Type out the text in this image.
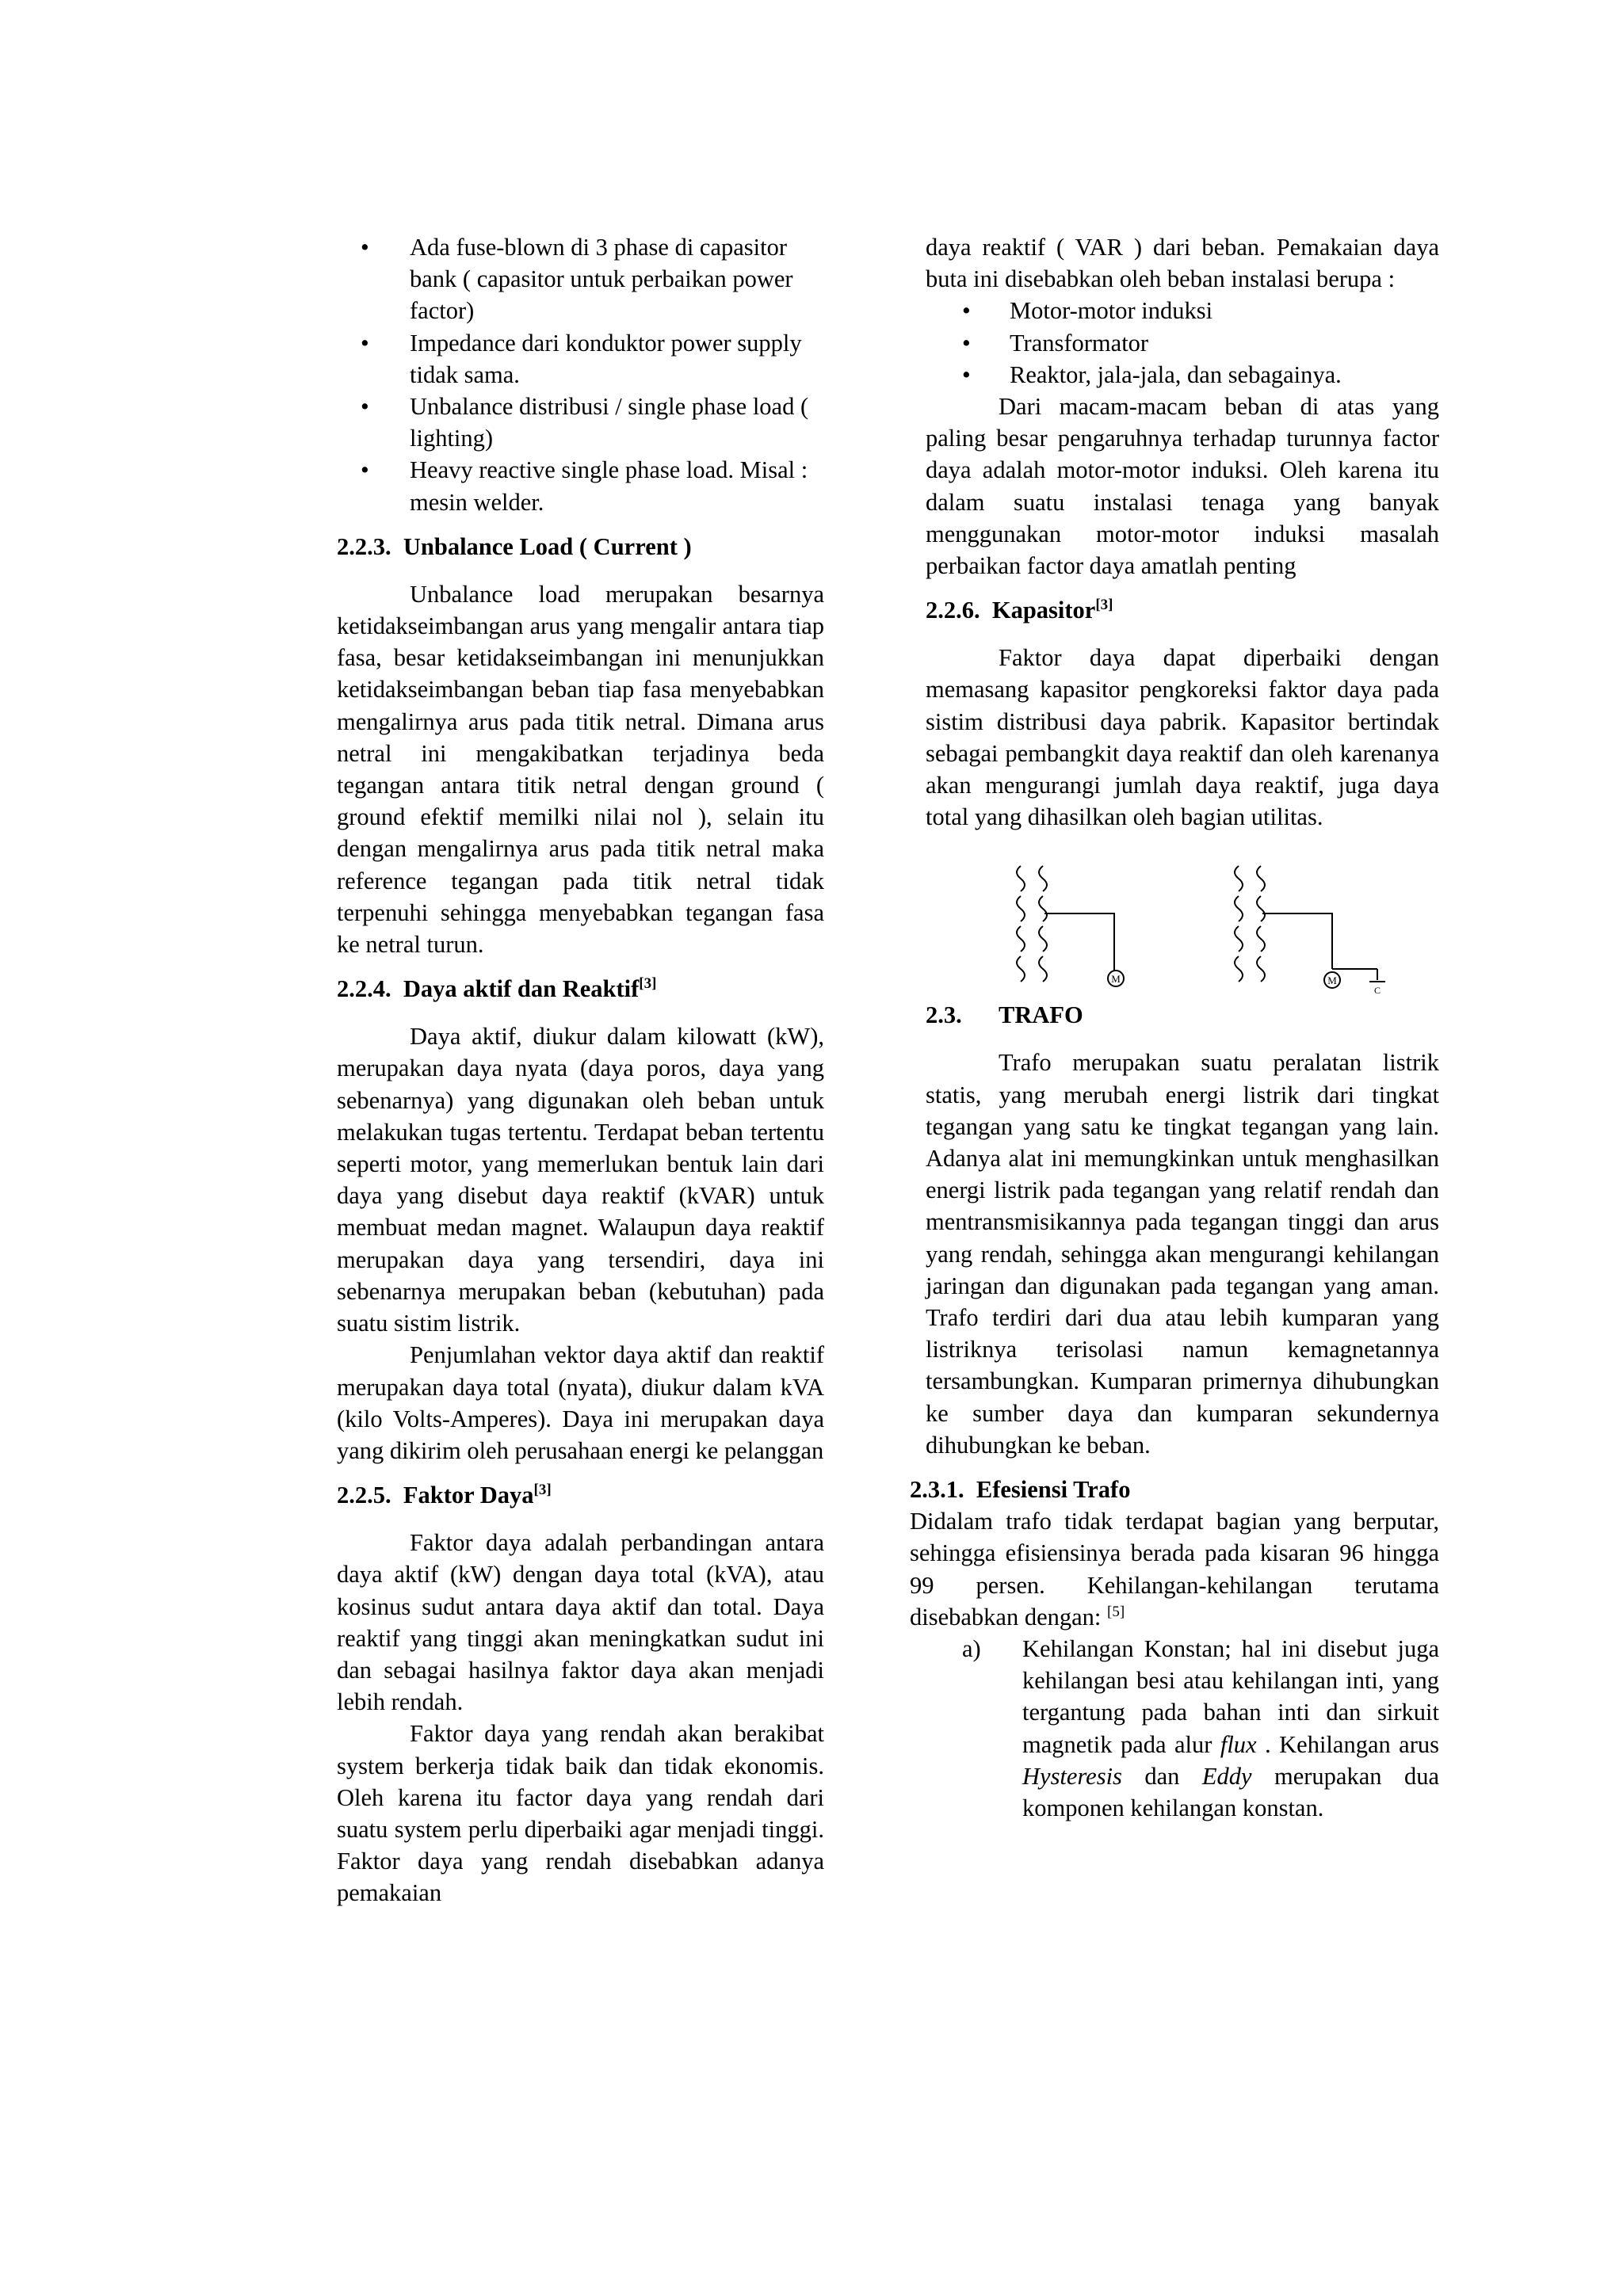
• Ada fuse-blown di 3 phase di capasitor bank ( capasitor untuk perbaikan power factor)
• Impedance dari konduktor power supply tidak sama.
• Unbalance distribusi / single phase load ( lighting)
• Heavy reactive single phase load. Misal : mesin welder.
2.2.3. Unbalance Load ( Current )

Unbalance load merupakan besarnya ketidakseimbangan arus yang mengalir antara tiap fasa, besar ketidakseimbangan ini menunjukkan ketidakseimbangan beban tiap fasa menyebabkan mengalirnya arus pada titik netral. Dimana arus netral ini mengakibatkan terjadinya beda tegangan antara titik netral dengan ground ( ground efektif memilki nilai nol ), selain itu dengan mengalirnya arus pada titik netral maka reference tegangan pada titik netral tidak terpenuhi sehingga menyebabkan tegangan fasa ke netral turun.

2.2.4. Daya aktif dan Reaktif[3]

Daya aktif, diukur dalam kilowatt (kW), merupakan daya nyata (daya poros, daya yang sebenarnya) yang digunakan oleh beban untuk melakukan tugas tertentu. Terdapat beban tertentu seperti motor, yang memerlukan bentuk lain dari daya yang disebut daya reaktif (kVAR) untuk membuat medan magnet. Walaupun daya reaktif merupakan daya yang tersendiri, daya ini sebenarnya merupakan beban (kebutuhan) pada suatu sistim listrik.

Penjumlahan vektor daya aktif dan reaktif merupakan daya total (nyata), diukur dalam kVA (kilo Volts-Amperes). Daya ini merupakan daya yang dikirim oleh perusahaan energi ke pelanggan

2.2.5. Faktor Daya[3]

Faktor daya adalah perbandingan antara daya aktif (kW) dengan daya total (kVA), atau kosinus sudut antara daya aktif dan total. Daya reaktif yang tinggi akan meningkatkan sudut ini dan sebagai hasilnya faktor daya akan menjadi lebih rendah.

Faktor daya yang rendah akan berakibat system berkerja tidak baik dan tidak ekonomis. Oleh karena itu factor daya yang rendah dari suatu system perlu diperbaiki agar menjadi tinggi. Faktor daya yang rendah disebabkan adanya pemakaian

daya reaktif ( VAR ) dari beban. Pemakaian daya buta ini disebabkan oleh beban instalasi berupa :

• Motor-motor induksi
• Transformator
• Reaktor, jala-jala, dan sebagainya.

Dari macam-macam beban di atas yang paling besar pengaruhnya terhadap turunnya factor daya adalah motor-motor induksi. Oleh karena itu dalam suatu instalasi tenaga yang banyak menggunakan motor-motor induksi masalah perbaikan factor daya amatlah penting

2.2.6. Kapasitor[3]

Faktor daya dapat diperbaiki dengan memasang kapasitor pengkoreksi faktor daya pada sistim distribusi daya pabrik. Kapasitor bertindak sebagai pembangkit daya reaktif dan oleh karenanya akan mengurangi jumlah daya reaktif, juga daya total yang dihasilkan oleh bagian utilitas.

M	M
C
2.3. TRAFO

Trafo merupakan suatu peralatan listrik statis, yang merubah energi listrik dari tingkat tegangan yang satu ke tingkat tegangan yang lain. Adanya alat ini memungkinkan untuk menghasilkan energi listrik pada tegangan yang relatif rendah dan mentransmisikannya pada tegangan tinggi dan arus yang rendah, sehingga akan mengurangi kehilangan jaringan dan digunakan pada tegangan yang aman. Trafo terdiri dari dua atau lebih kumparan yang listriknya terisolasi namun kemagnetannya tersambungkan. Kumparan primernya dihubungkan ke sumber daya dan kumparan sekundernya dihubungkan ke beban.

2.3.1. Efesiensi Trafo

Didalam trafo tidak terdapat bagian yang berputar, sehingga efisiensinya berada pada kisaran 96 hingga 99 persen. Kehilangan-kehilangan terutama disebabkan dengan: [5]

a) Kehilangan Konstan; hal ini disebut juga kehilangan besi atau kehilangan inti, yang tergantung pada bahan inti dan sirkuit magnetik pada alur flux . Kehilangan arus Hysteresis dan Eddy merupakan dua komponen kehilangan konstan.
